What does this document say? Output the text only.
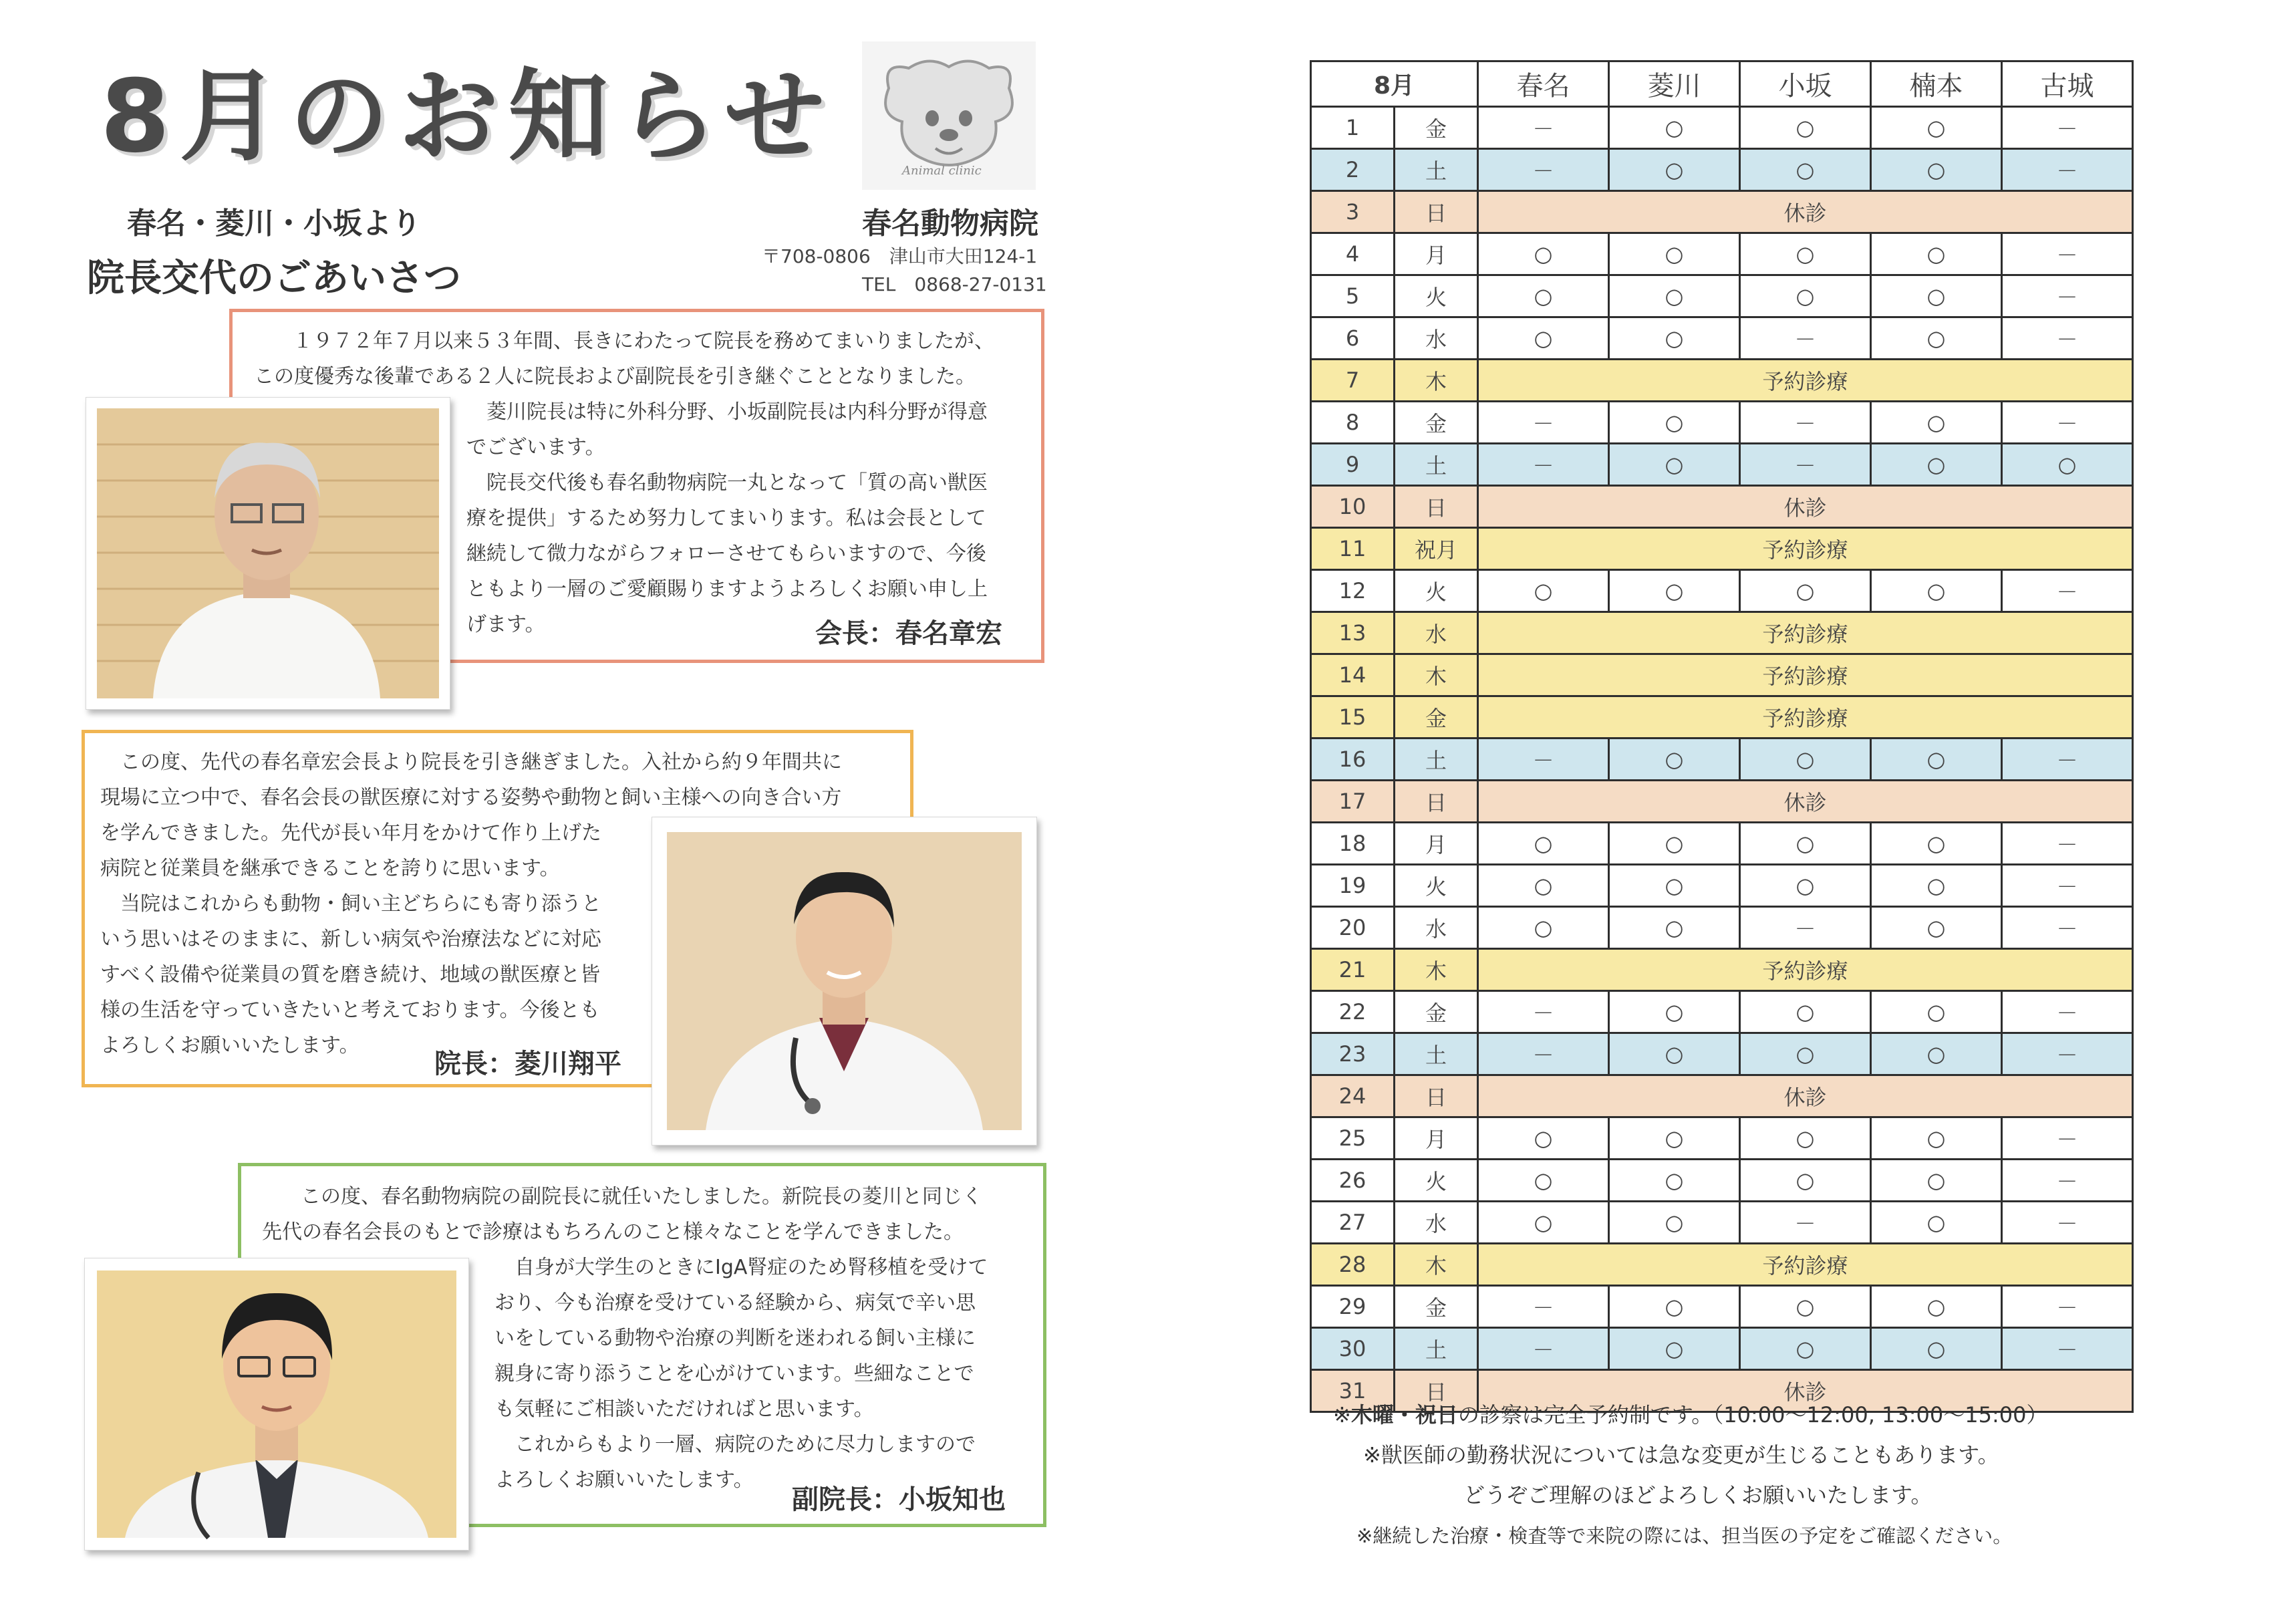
8月のお知らせ	Animal clinic
春名・菱川・小坂より
院長交代のごあいさつ
春名動物病院
〒708-0806　津山市大田124-1
TEL　0868-27-0131
　１９７２年７月以来５３年間、長きにわたって院長を務めてまいりましたが、
この度優秀な後輩である２人に院長および副院長を引き継ぐこととなりました。
　菱川院長は特に外科分野、小坂副院長は内科分野が得意
でございます。
　院長交代後も春名動物病院一丸となって「質の高い獣医
療を提供」するため努力してまいります。私は会長として
継続して微力ながらフォローさせてもらいますので、今後
ともより一層のご愛顧賜りますようよろしくお願い申し上
げます。	会長：春名章宏
　この度、先代の春名章宏会長より院長を引き継ぎました。入社から約９年間共に
現場に立つ中で、春名会長の獣医療に対する姿勢や動物と飼い主様への向き合い方
を学んできました。先代が長い年月をかけて作り上げた
病院と従業員を継承できることを誇りに思います。
　当院はこれからも動物・飼い主どちらにも寄り添うと
いう思いはそのままに、新しい病気や治療法などに対応
すべく設備や従業員の質を磨き続け、地域の獣医療と皆
様の生活を守っていきたいと考えております。今後とも
よろしくお願いいたします。
院長：菱川翔平
　この度、春名動物病院の副院長に就任いたしました。新院長の菱川と同じく
先代の春名会長のもとで診療はもちろんのこと様々なことを学んできました。
　自身が大学生のときにIgA腎症のため腎移植を受けて
おり、今も治療を受けている経験から、病気で辛い思
いをしている動物や治療の判断を迷われる飼い主様に
親身に寄り添うことを心がけています。些細なことで
も気軽にご相談いただければと思います。
　これからもより一層、病院のために尽力しますので
よろしくお願いいたします。
副院長：小坂知也
8月		春名	菱川	小坂	楠本	古城
1	金	－	○	○	○	－
2	土	－	○	○	○	－
3	日	休診				
4	月	○	○	○	○	－
5	火	○	○	○	○	－
6	水	○	○	－	○	－
7	木	予約診療				
8	金	－	○	－	○	－
9	土	－	○	－	○	○
10	日	休診				
11	祝月	予約診療				
12	火	○	○	○	○	－
13	水	予約診療				
14	木	予約診療				
15	金	予約診療				
16	土	－	○	○	○	－
17	日	休診				
18	月	○	○	○	○	－
19	火	○	○	○	○	－
20	水	○	○	－	○	－
21	木	予約診療				
22	金	－	○	○	○	－
23	土	－	○	○	○	－
24	日	休診				
25	月	○	○	○	○	－
26	火	○	○	○	○	－
27	水	○	○	－	○	－
28	木	予約診療				
29	金	－	○	○	○	－
30	土	－	○	○	○	－
31	日	休診				
※木曜・祝日の診察は完全予約制です。（10:00～12:00, 13:00～15:00）
※獣医師の勤務状況については急な変更が生じることもあります。
どうぞご理解のほどよろしくお願いいたします。
※継続した治療・検査等で来院の際には、担当医の予定をご確認ください。
